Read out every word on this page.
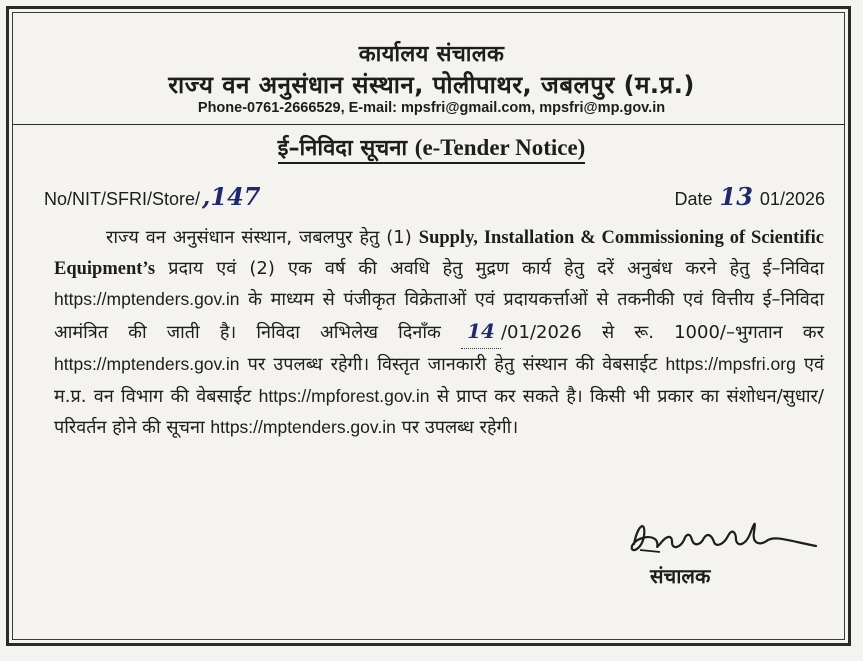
कार्यालय संचालक
राज्य वन अनुसंधान संस्थान, पोलीपाथर, जबलपुर (म.प्र.)
Phone-0761-2666529, E-mail: mpsfri@gmail.com, mpsfri@mp.gov.in
ई–निविदा सूचना (e-Tender Notice)
No/NIT/SFRI/Store/,147	Date 13 01/2026
राज्य वन अनुसंधान संस्थान, जबलपुर हेतु (1) Supply, Installation & Commissioning of Scientific Equipment’s प्रदाय एवं (2) एक वर्ष की अवधि हेतु मुद्रण कार्य हेतु दरें अनुबंध करने हेतु ई–निविदा https://mptenders.gov.in के माध्यम से पंजीकृत विक्रेताओं एवं प्रदायकर्त्ताओं से तकनीकी एवं वित्तीय ई–निविदा आमंत्रित की जाती है। निविदा अभिलेख दिनाँक 14 /01/2026 से रू. 1000/–भुगतान कर https://mptenders.gov.in पर उपलब्ध रहेगी। विस्तृत जानकारी हेतु संस्थान की वेबसाईट https://mpsfri.org एवं म.प्र. वन विभाग की वेबसाईट https://mpforest.gov.in से प्राप्त कर सकते है। किसी भी प्रकार का संशोधन/सुधार/परिवर्तन होने की सूचना https://mptenders.gov.in पर उपलब्ध रहेगी।
संचालक
